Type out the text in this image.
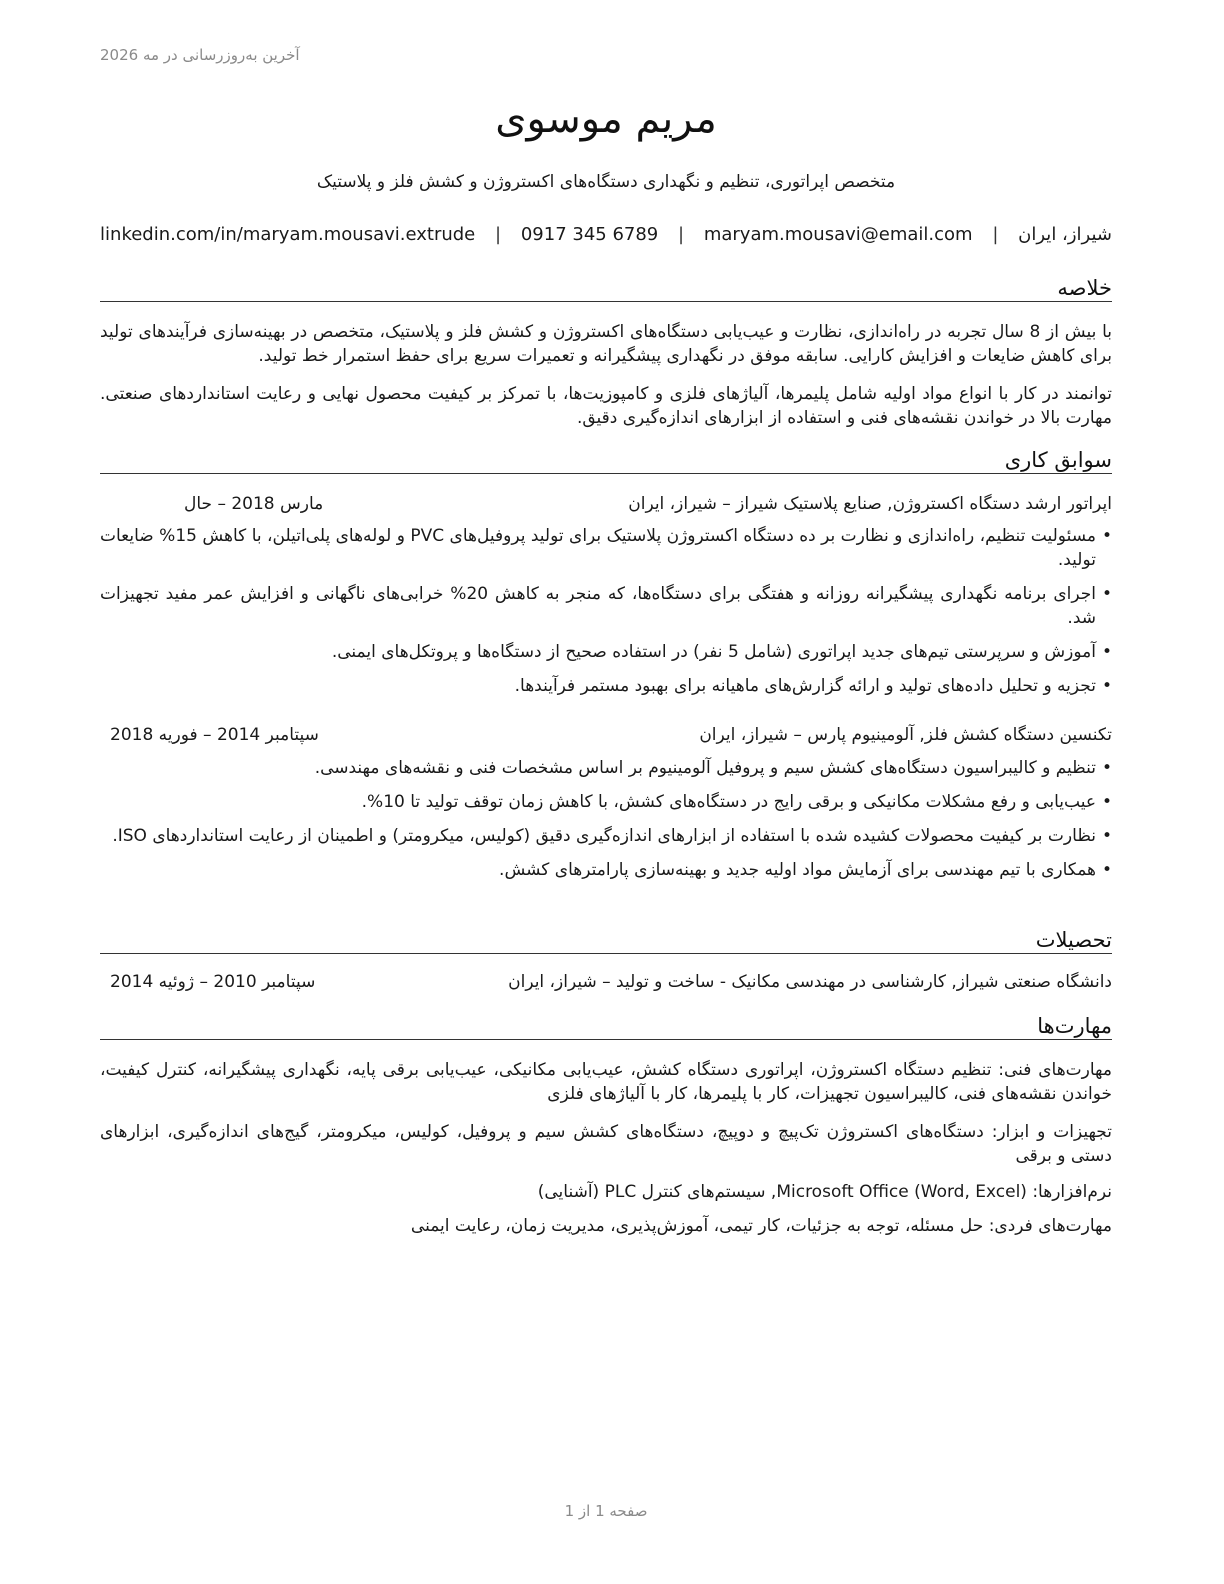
آخرین به‌روزرسانی در مه 2026
مریم موسوی
متخصص اپراتوری، تنظیم و نگهداری دستگاه‌های اکستروژن و کشش فلز و پلاستیک
شیراز، ایران
|
maryam.mousavi@email.com
|
0917 345 6789
|
linkedin.com/in/maryam.mousavi.extrude
خلاصه
با بیش از 8 سال تجربه در راه‌اندازی، نظارت و عیب‌یابی دستگاه‌های اکستروژن و کشش فلز و پلاستیک، متخصص در بهینه‌سازی فرآیندهای تولید برای کاهش ضایعات و افزایش کارایی. سابقه موفق در نگهداری پیشگیرانه و تعمیرات سریع برای حفظ استمرار خط تولید.
توانمند در کار با انواع مواد اولیه شامل پلیمرها، آلیاژهای فلزی و کامپوزیت‌ها، با تمرکز بر کیفیت محصول نهایی و رعایت استانداردهای صنعتی. مهارت بالا در خواندن نقشه‌های فنی و استفاده از ابزارهای اندازه‌گیری دقیق.
سوابق کاری
اپراتور ارشد دستگاه اکستروژن, صنایع پلاستیک شیراز – شیراز، ایران
مارس 2018 – حال
• مسئولیت تنظیم، راه‌اندازی و نظارت بر ده دستگاه اکستروژن پلاستیک برای تولید پروفیل‌های PVC و لوله‌های پلی‌اتیلن، با کاهش 15% ضایعات تولید.
• اجرای برنامه نگهداری پیشگیرانه روزانه و هفتگی برای دستگاه‌ها، که منجر به کاهش 20% خرابی‌های ناگهانی و افزایش عمر مفید تجهیزات شد.
• آموزش و سرپرستی تیم‌های جدید اپراتوری (شامل 5 نفر) در استفاده صحیح از دستگاه‌ها و پروتکل‌های ایمنی.
• تجزیه و تحلیل داده‌های تولید و ارائه گزارش‌های ماهیانه برای بهبود مستمر فرآیندها.
تکنسین دستگاه کشش فلز, آلومینیوم پارس – شیراز، ایران
سپتامبر 2014 – فوریه 2018
• تنظیم و کالیبراسیون دستگاه‌های کشش سیم و پروفیل آلومینیوم بر اساس مشخصات فنی و نقشه‌های مهندسی.
• عیب‌یابی و رفع مشکلات مکانیکی و برقی رایج در دستگاه‌های کشش، با کاهش زمان توقف تولید تا 10%.
• نظارت بر کیفیت محصولات کشیده شده با استفاده از ابزارهای اندازه‌گیری دقیق (کولیس، میکرومتر) و اطمینان از رعایت استانداردهای ISO.
• همکاری با تیم مهندسی برای آزمایش مواد اولیه جدید و بهینه‌سازی پارامترهای کشش.
تحصیلات
دانشگاه صنعتی شیراز, کارشناسی در مهندسی مکانیک - ساخت و تولید – شیراز، ایران
سپتامبر 2010 – ژوئیه 2014
مهارت‌ها
مهارت‌های فنی: تنظیم دستگاه اکستروژن، اپراتوری دستگاه کشش، عیب‌یابی مکانیکی، عیب‌یابی برقی پایه، نگهداری پیشگیرانه، کنترل کیفیت، خواندن نقشه‌های فنی، کالیبراسیون تجهیزات، کار با پلیمرها، کار با آلیاژهای فلزی
تجهیزات و ابزار: دستگاه‌های اکستروژن تک‌پیچ و دوپیچ، دستگاه‌های کشش سیم و پروفیل، کولیس، میکرومتر، گیج‌های اندازه‌گیری، ابزارهای دستی و برقی
نرم‌افزارها: Microsoft Office (Word, Excel), سیستم‌های کنترل PLC (آشنایی)
مهارت‌های فردی: حل مسئله، توجه به جزئیات، کار تیمی، آموزش‌پذیری، مدیریت زمان، رعایت ایمنی
صفحه 1 از 1
